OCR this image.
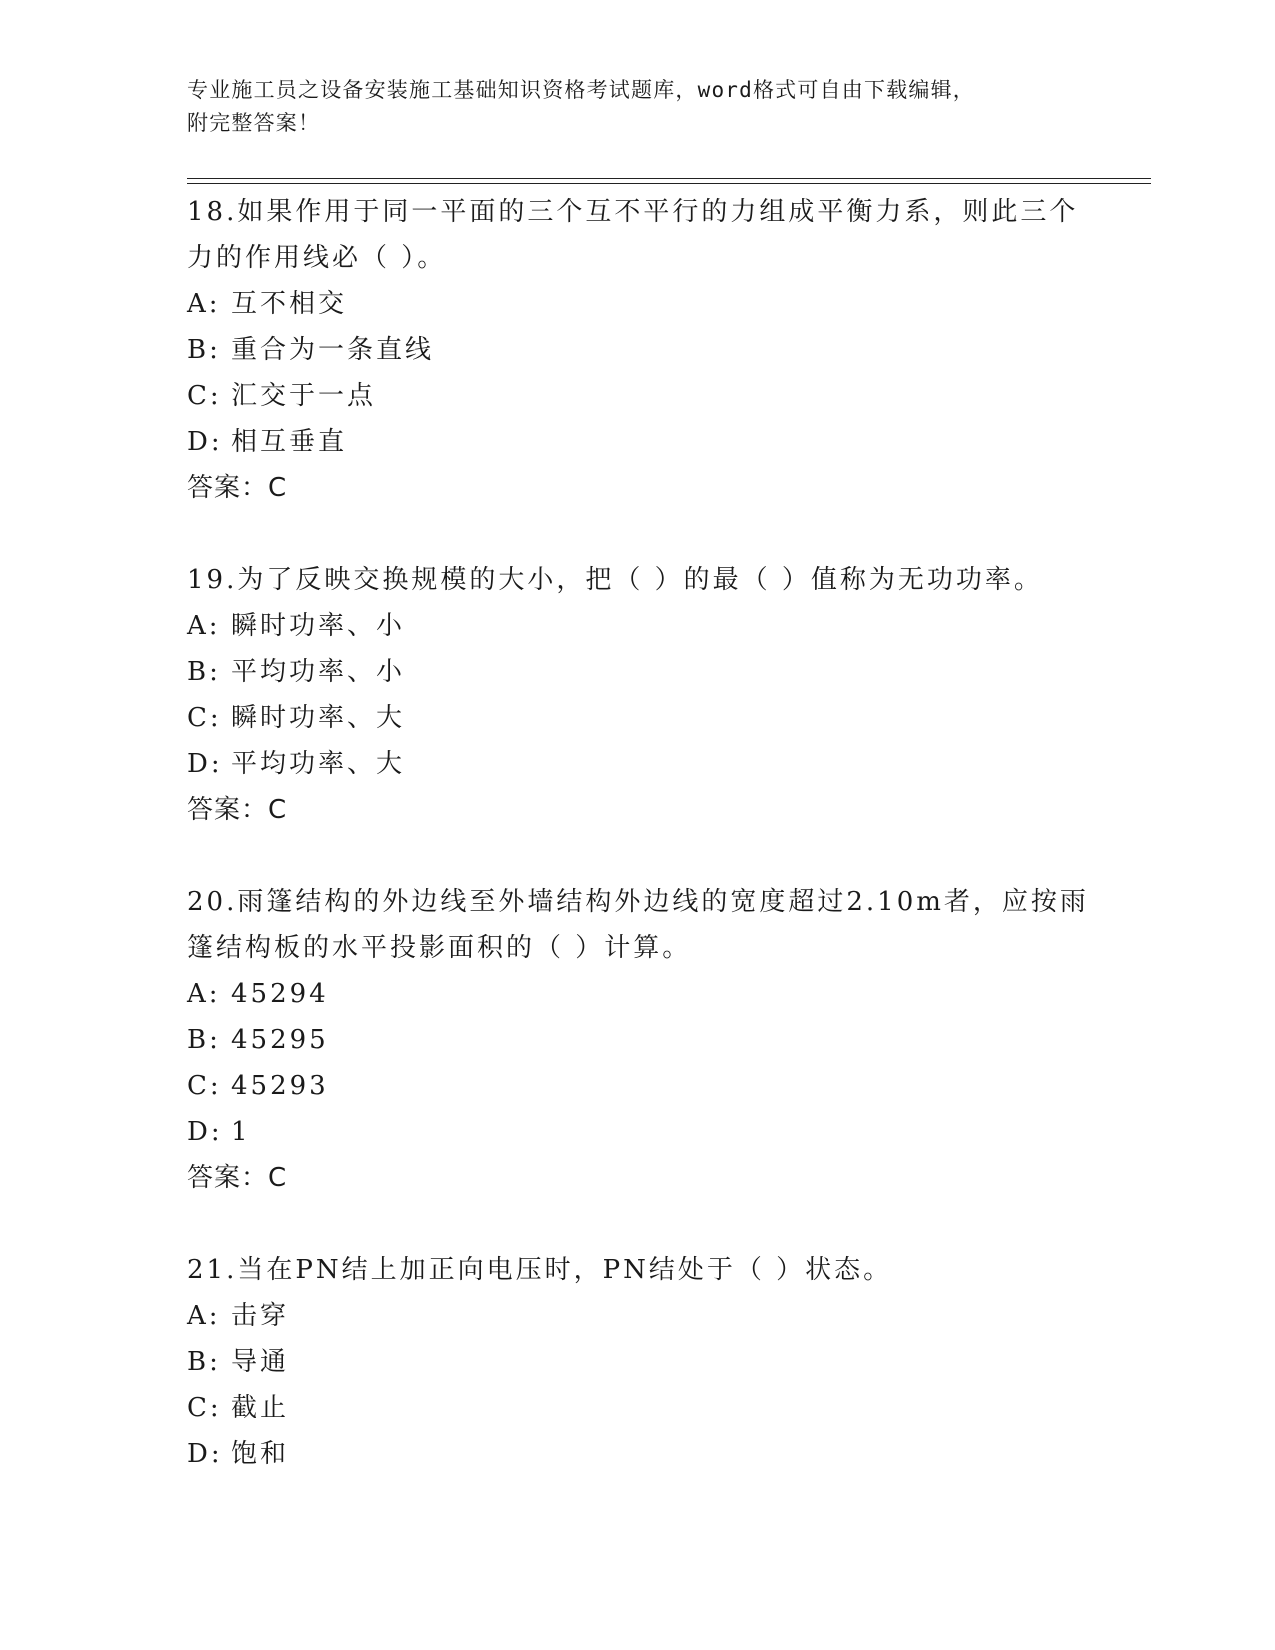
专业施工员之设备安装施工基础知识资格考试题库，word格式可自由下载编辑，
附完整答案！
18.如果作用于同一平面的三个互不平行的力组成平衡力系，则此三个
力的作用线必（ ）。
A: 互不相交
B: 重合为一条直线
C: 汇交于一点
D: 相互垂直
答案：C
19.为了反映交换规模的大小，把（ ）的最（ ）值称为无功功率。
A: 瞬时功率、小
B: 平均功率、小
C: 瞬时功率、大
D: 平均功率、大
答案：C
20.雨篷结构的外边线至外墙结构外边线的宽度超过2.10m者，应按雨
篷结构板的水平投影面积的（ ）计算。
A: 45294
B: 45295
C: 45293
D: 1
答案：C
21.当在PN结上加正向电压时，PN结处于（ ）状态。
A: 击穿
B: 导通
C: 截止
D: 饱和
